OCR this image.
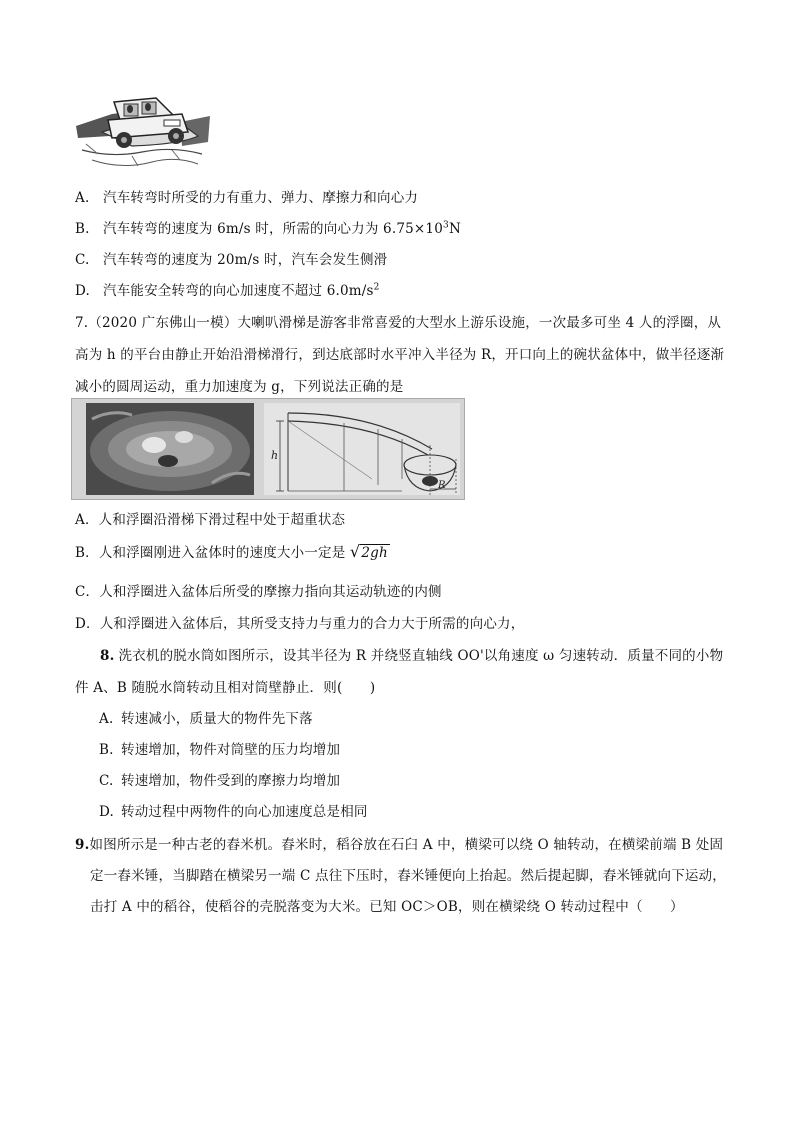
A. 汽车转弯时所受的力有重力、弹力、摩擦力和向心力
B. 汽车转弯的速度为 6m/s 时，所需的向心力为 $6.75\times 10^3N$
C. 汽车转弯的速度为 20m/s 时，汽车会发生侧滑
D. 汽车能安全转弯的向心加速度不超过 $6.0m/s^2$
7.（2020 广东佛山一模）大喇叭滑梯是游客非常喜爱的大型水上游乐设施，一次最多可坐 4 人的浮圈，从
高为 h 的平台由静止开始沿滑梯滑行，到达底部时水平冲入半径为 R，开口向上的碗状盆体中，做半径逐渐
减小的圆周运动，重力加速度为 g，下列说法正确的是
h
R
A．人和浮圈沿滑梯下滑过程中处于超重状态
B．人和浮圈刚进入盆体时的速度大小一定是 √ 2gh
C．人和浮圈进入盆体后所受的摩擦力指向其运动轨迹的内侧
D．人和浮圈进入盆体后，其所受支持力与重力的合力大于所需的向心力，
8. 洗衣机的脱水筒如图所示，设其半径为 R 并绕竖直轴线 OO'以角速度 ω 匀速转动．质量不同的小物
件 A、B 随脱水筒转动且相对筒壁静止．则(　　)
A. 转速减小，质量大的物件先下落
B. 转速增加，物件对筒壁的压力均增加
C. 转速增加，物件受到的摩擦力均增加
D. 转动过程中两物件的向心加速度总是相同
9.如图所示是一种古老的舂米机。舂米时，稻谷放在石臼 A 中，横梁可以绕 O 轴转动，在横梁前端 B 处固
定一舂米锤，当脚踏在横梁另一端 C 点往下压时，舂米锤便向上抬起。然后提起脚，舂米锤就向下运动，
击打 A 中的稻谷，使稻谷的壳脱落变为大米。已知 OC＞OB，则在横梁绕 O 转动过程中（　　）
